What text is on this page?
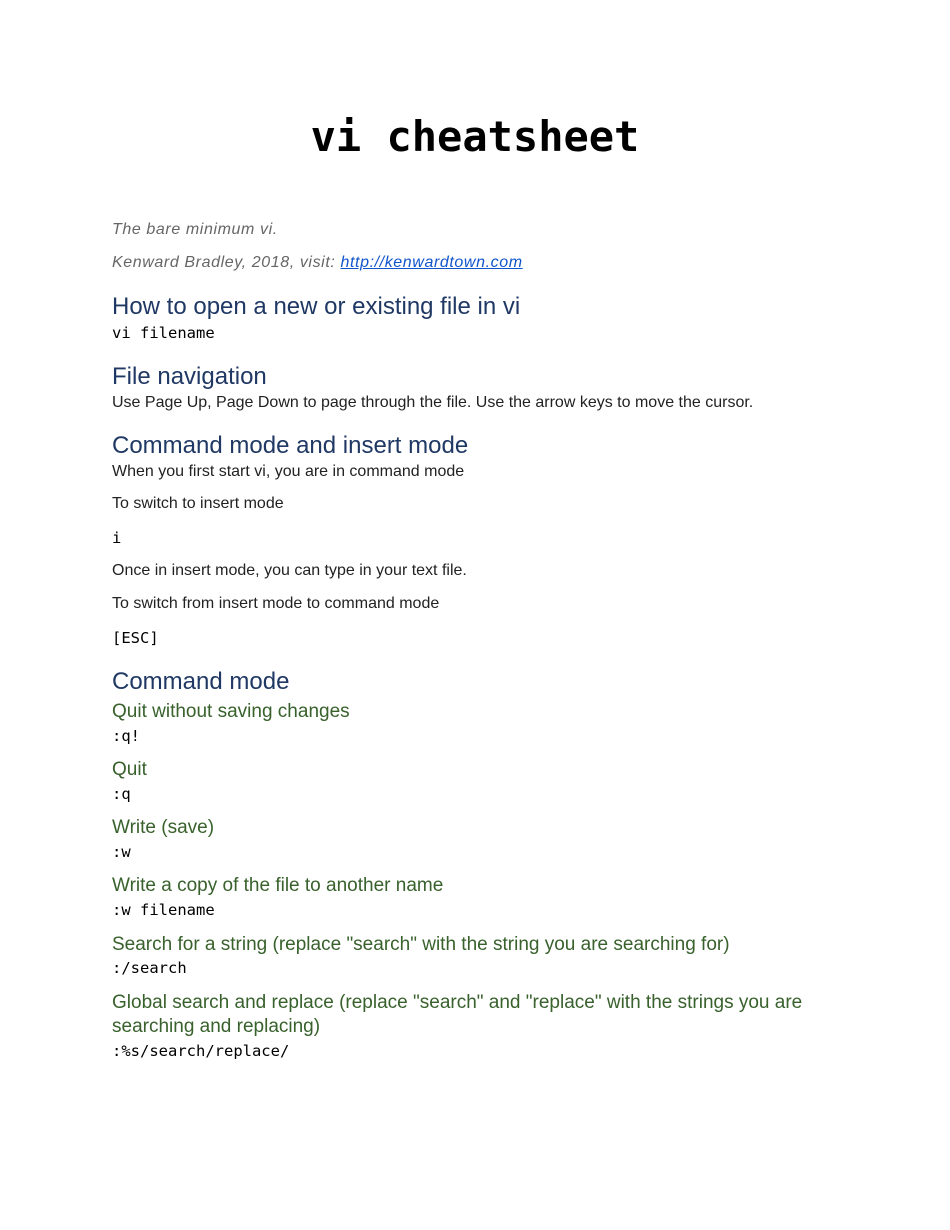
vi cheatsheet
The bare minimum vi.
Kenward Bradley, 2018, visit: http://kenwardtown.com
How to open a new or existing file in vi
vi filename
File navigation
Use Page Up, Page Down to page through the file. Use the arrow keys to move the cursor.
Command mode and insert mode
When you first start vi, you are in command mode
To switch to insert mode
i
Once in insert mode, you can type in your text file.
To switch from insert mode to command mode
[ESC]
Command mode
Quit without saving changes
:q!
Quit
:q
Write (save)
:w
Write a copy of the file to another name
:w filename
Search for a string (replace "search" with the string you are searching for)
:/search
Global search and replace (replace "search" and "replace" with the strings you are searching and replacing)
:%s/search/replace/
